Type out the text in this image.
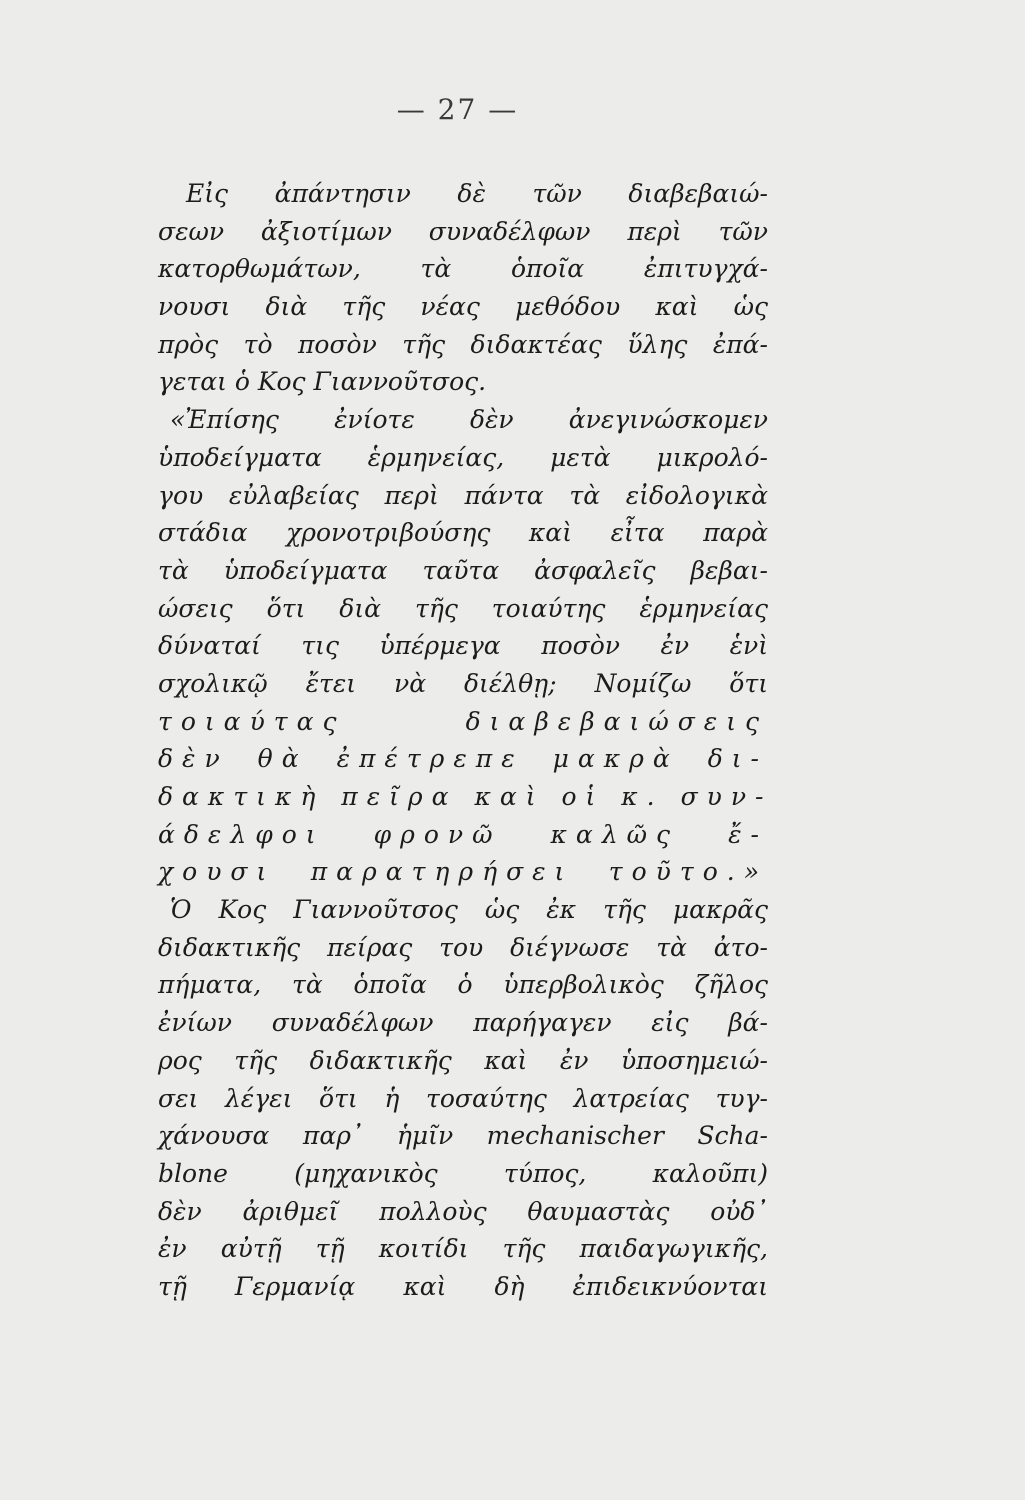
— 27 —
Εἰς ἀπάντησιν δὲ τῶν διαβεβαιώ-
σεων ἀξιοτίμων συναδέλφων περὶ τῶν
κατορθωμάτων, τὰ ὁποῖα ἐπιτυγχά-
νουσι διὰ τῆς νέας μεθόδου καὶ ὡς
πρὸς τὸ ποσὸν τῆς διδακτέας ὕλης ἐπά-
γεται ὁ Κος Γιαννοῦτσος.
«Ἐπίσης ἐνίοτε δὲν ἀνεγινώσκομεν
ὑποδείγματα ἑρμηνείας, μετὰ μικρολό-
γου εὐλαβείας περὶ πάντα τὰ εἰδολογικὰ
στάδια χρονοτριβούσης καὶ εἶτα παρὰ
τὰ ὑποδείγματα ταῦτα ἀσφαλεῖς βεβαι-
ώσεις ὅτι διὰ τῆς τοιαύτης ἑρμηνείας
δύναταί τις ὑπέρμεγα ποσὸν ἐν ἑνὶ
σχολικῷ ἔτει νὰ διέλθῃ; Νομίζω ὅτι
τοιαύτας διαβεβαιώσεις
δὲν θὰ ἐπέτρεπε μακρὰ δι-
δακτικὴ πεῖρα καὶ οἱ κ. συν-
άδελφοι φρονῶ καλῶς ἔ-
χουσι παρατηρήσει τοῦτο.»
Ὁ Κος Γιαννοῦτσος ὡς ἐκ τῆς μακρᾶς
διδακτικῆς πείρας του διέγνωσε τὰ ἀτο-
πήματα, τὰ ὁποῖα ὁ ὑπερβολικὸς ζῆλος
ἐνίων συναδέλφων παρήγαγεν εἰς βά-
ρος τῆς διδακτικῆς καὶ ἐν ὑποσημειώ-
σει λέγει ὅτι ἡ τοσαύτης λατρείας τυγ-
χάνουσα παρ᾽ ἡμῖν mechanischer Scha-
blone (μηχανικὸς τύπος, καλοῦπι)
δὲν ἀριθμεῖ πολλοὺς θαυμαστὰς οὐδ᾽
ἐν αὐτῇ τῇ κοιτίδι τῆς παιδαγωγικῆς,
τῇ Γερμανίᾳ καὶ δὴ ἐπιδεικνύονται
